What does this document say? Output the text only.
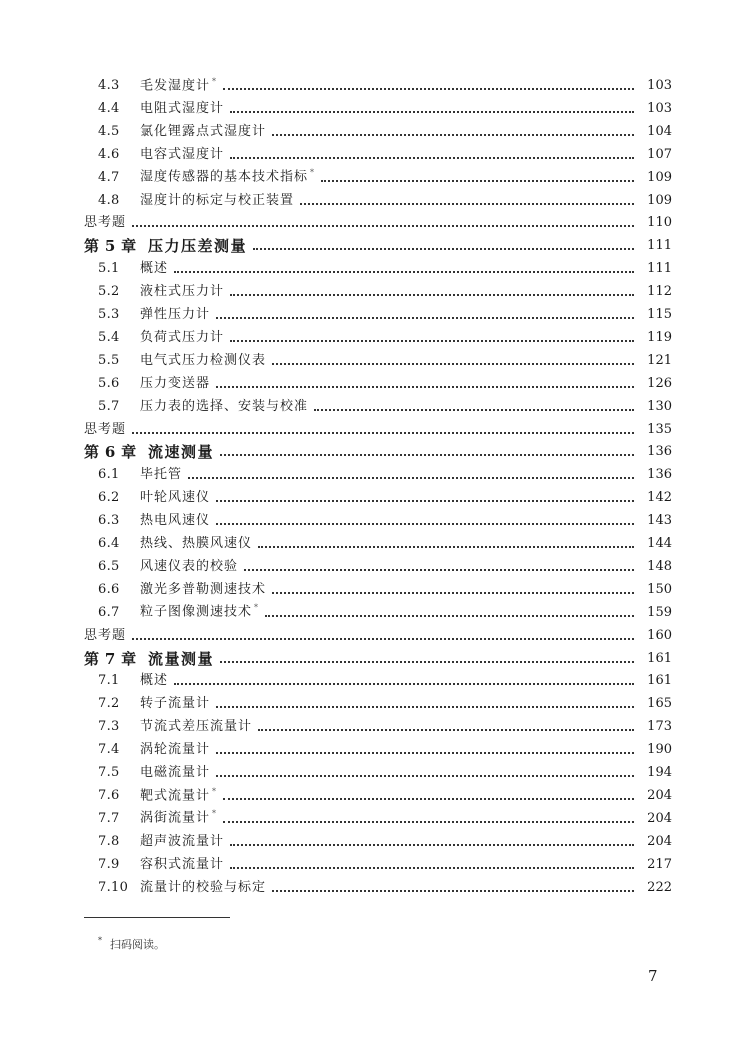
4.3	毛发湿度计 *	103
4.4	电阻式湿度计	103
4.5	氯化锂露点式湿度计	104
4.6	电容式湿度计	107
4.7	湿度传感器的基本技术指标 *	109
4.8	湿度计的标定与校正装置	109
思考题	110
第 5 章 压力压差测量	111
5.1	概述	111
5.2	液柱式压力计	112
5.3	弹性压力计	115
5.4	负荷式压力计	119
5.5	电气式压力检测仪表	121
5.6	压力变送器	126
5.7	压力表的选择、安装与校准	130
思考题	135
第 6 章 流速测量	136
6.1	毕托管	136
6.2	叶轮风速仪	142
6.3	热电风速仪	143
6.4	热线、热膜风速仪	144
6.5	风速仪表的校验	148
6.6	激光多普勒测速技术	150
6.7	粒子图像测速技术 *	159
思考题	160
第 7 章 流量测量	161
7.1	概述	161
7.2	转子流量计	165
7.3	节流式差压流量计	173
7.4	涡轮流量计	190
7.5	电磁流量计	194
7.6	靶式流量计 *	204
7.7	涡街流量计 *	204
7.8	超声波流量计	204
7.9	容积式流量计	217
7.10 流量计的校验与标定	222
* 扫码阅读。
7
